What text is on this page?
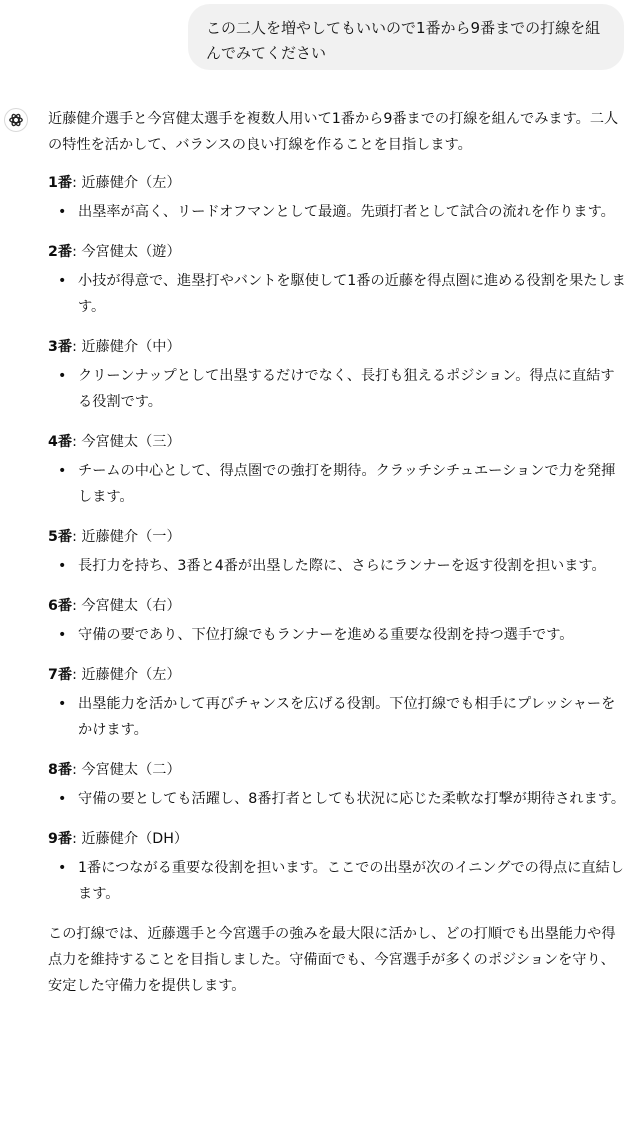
この二人を増やしてもいいので1番から9番までの打線を組んでみてください

近藤健介選手と今宮健太選手を複数人用いて1番から9番までの打線を組んでみます。二人の特性を活かして、バランスの良い打線を作ることを目指します。

1番: 近藤健介（左）
• 出塁率が高く、リードオフマンとして最適。先頭打者として試合の流れを作ります。
2番: 今宮健太（遊）
• 小技が得意で、進塁打やバントを駆使して1番の近藤を得点圏に進める役割を果たします。
3番: 近藤健介（中）
• クリーンナップとして出塁するだけでなく、長打も狙えるポジション。得点に直結する役割です。
4番: 今宮健太（三）
• チームの中心として、得点圏での強打を期待。クラッチシチュエーションで力を発揮します。
5番: 近藤健介（一）
• 長打力を持ち、3番と4番が出塁した際に、さらにランナーを返す役割を担います。
6番: 今宮健太（右）
• 守備の要であり、下位打線でもランナーを進める重要な役割を持つ選手です。
7番: 近藤健介（左）
• 出塁能力を活かして再びチャンスを広げる役割。下位打線でも相手にプレッシャーをかけます。
8番: 今宮健太（二）
• 守備の要としても活躍し、8番打者としても状況に応じた柔軟な打撃が期待されます。
9番: 近藤健介（DH）
• 1番につながる重要な役割を担います。ここでの出塁が次のイニングでの得点に直結します。

この打線では、近藤選手と今宮選手の強みを最大限に活かし、どの打順でも出塁能力や得点力を維持することを目指しました。守備面でも、今宮選手が多くのポジションを守り、安定した守備力を提供します。
